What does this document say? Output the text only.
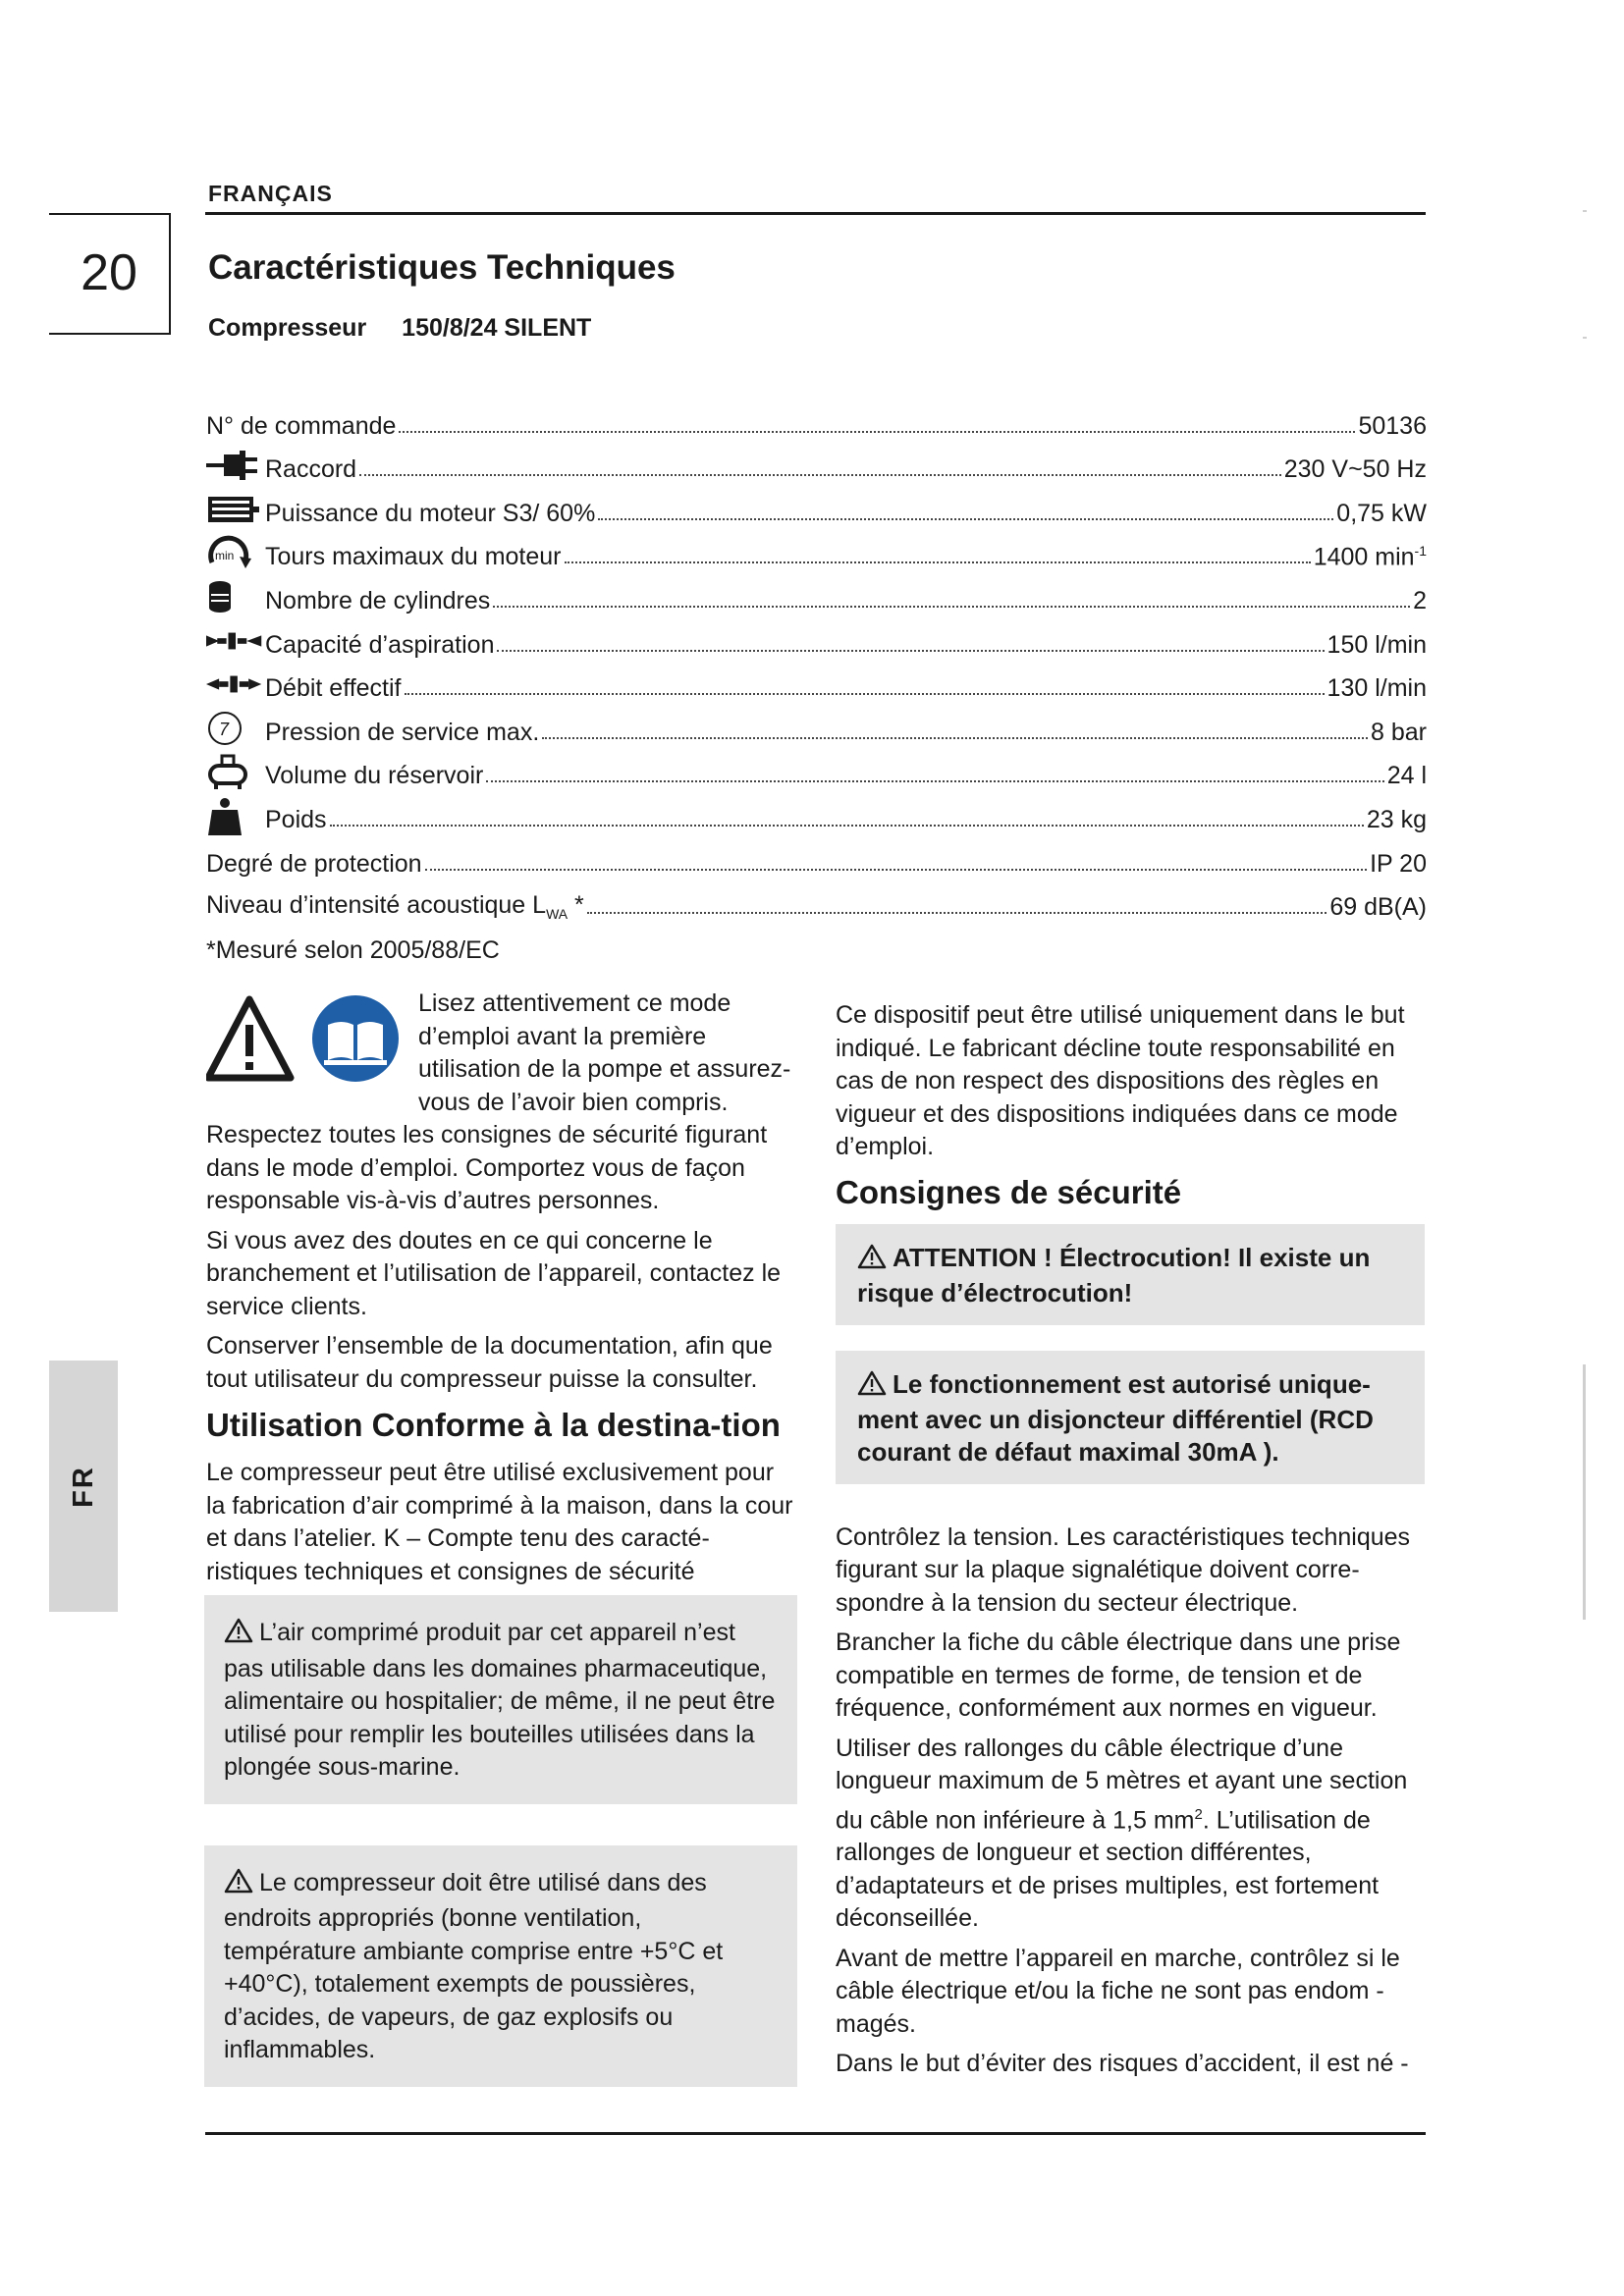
FRANÇAIS
20
FR
Caractéristiques Techniques
Compresseur 150/8/24 SILENT
N° de commande	50136
Raccord	230 V~50 Hz
Puissance du moteur S3/ 60%	0,75 kW
min Tours maximaux du moteur	1400 $\min^{-1}$
Nombre de cylindres	2
Capacité d’aspiration	150 l/min
Débit effectif	130 l/min
7 Pression de service max.	8 bar
Volume du réservoir	24 l
Poids	23 kg
Degré de protection	IP 20
Niveau d’intensité acoustique $L_{WA}$ *	69 dB(A)
*Mesuré selon 2005/88/EC

Lisez attentivement ce mode d’emploi avant la première utilisation de la pompe et assurez-vous de l’avoir bien compris. Respectez toutes les consignes de sécurité figurant dans le mode d’emploi. Comportez vous de façon responsable vis-à-vis d’autres personnes.

Si vous avez des doutes en ce qui concerne le branchement et l’utilisation de l’appareil, contactez le service clients.

Conserver l’ensemble de la documentation, afin que tout utilisateur du compresseur puisse la consulter.

Utilisation Conforme à la destina-tion

Le compresseur peut être utilisé exclusivement pour la fabrication d’air comprimé à la maison, dans la cour et dans l’atelier. K – Compte tenu des caracté-ristiques techniques et consignes de sécurité

L’air comprimé produit par cet appareil n’est pas utilisable dans les domaines pharmaceutique, alimentaire ou hospitalier; de même, il ne peut être utilisé pour remplir les bouteilles utilisées dans la plongée sous-marine.
Le compresseur doit être utilisé dans des endroits appropriés (bonne ventilation, température ambiante comprise entre +5°C et +40°C), totalement exempts de poussières, d’acides, de vapeurs, de gaz explosifs ou inflammables.

Ce dispositif peut être utilisé uniquement dans le but indiqué. Le fabricant décline toute responsabilité en cas de non respect des dispositions des règles en vigueur et des dispositions indiquées dans ce mode d’emploi.

Consignes de sécurité
ATTENTION ! Électrocution! Il existe un risque d’électrocution!
Le fonctionnement est autorisé unique-ment avec un disjoncteur différentiel (RCD courant de défaut maximal 30mA ).

Contrôlez la tension. Les caractéristiques techniques figurant sur la plaque signalétique doivent corre-spondre à la tension du secteur électrique.

Brancher la fiche du câble électrique dans une prise compatible en termes de forme, de tension et de fréquence, conformément aux normes en vigueur.

Utiliser des rallonges du câble électrique d’une longueur maximum de 5 mètres et ayant une section du câble non inférieure à 1,5 $mm^2$. L’utilisation de rallonges de longueur et section différentes, d’adaptateurs et de prises multiples, est fortement déconseillée.

Avant de mettre l’appareil en marche, contrôlez si le câble électrique et/ou la fiche ne sont pas endom - magés.

Dans le but d’éviter des risques d’accident, il est né -
